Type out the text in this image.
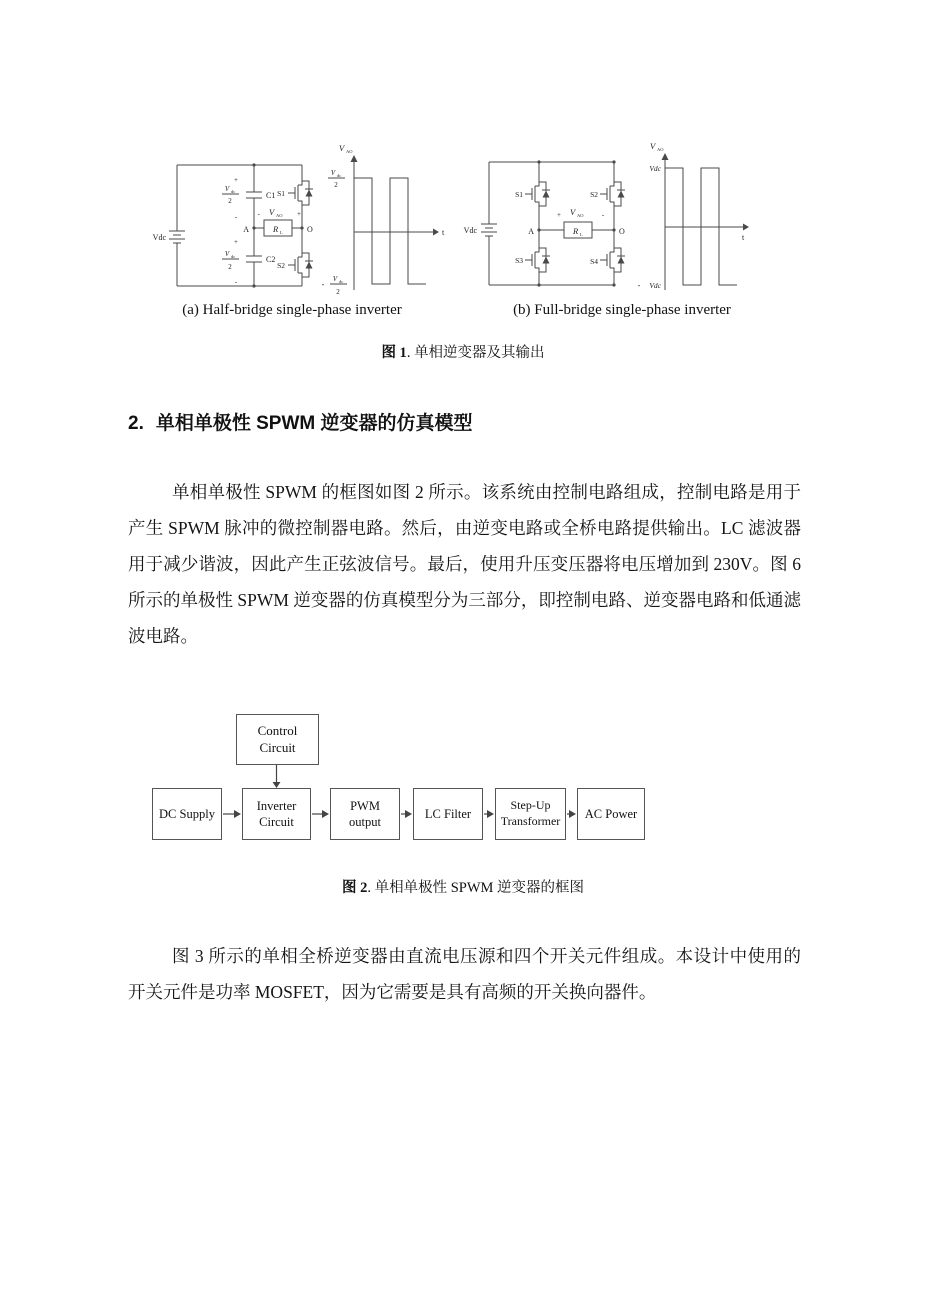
Vdc
+
V dc
2
-
A
+
V dc
2
-
C1
C2
- V AO +
R L	O
S1
S2
V AO
V dc
2
-
V dc
2
t Vdc
S1
S3
S2
S4
A	O
+ V AO	-
R L
V AO
Vdc
- Vdc
t
(a) Half-bridge single-phase inverter	(b) Full-bridge single-phase inverter
图 1. 单相逆变器及其输出
2. 单相单极性 SPWM 逆变器的仿真模型
单相单极性 SPWM 的框图如图 2 所示。该系统由控制电路组成，控制电路是用于产生 SPWM 脉冲的微控制器电路。然后，由逆变电路或全桥电路提供输出。LC 滤波器用于减少谐波，因此产生正弦波信号。最后，使用升压变压器将电压增加到 230V。图 6 所示的单极性 SPWM 逆变器的仿真模型分为三部分，即控制电路、逆变器电路和低通滤波电路。
Control Circuit
DC Supply
Inverter Circuit
PWM output
LC Filter
Step-Up Transformer
AC Power
图 2. 单相单极性 SPWM 逆变器的框图
图 3 所示的单相全桥逆变器由直流电压源和四个开关元件组成。本设计中使用的开关元件是功率 MOSFET，因为它需要是具有高频的开关换向器件。
